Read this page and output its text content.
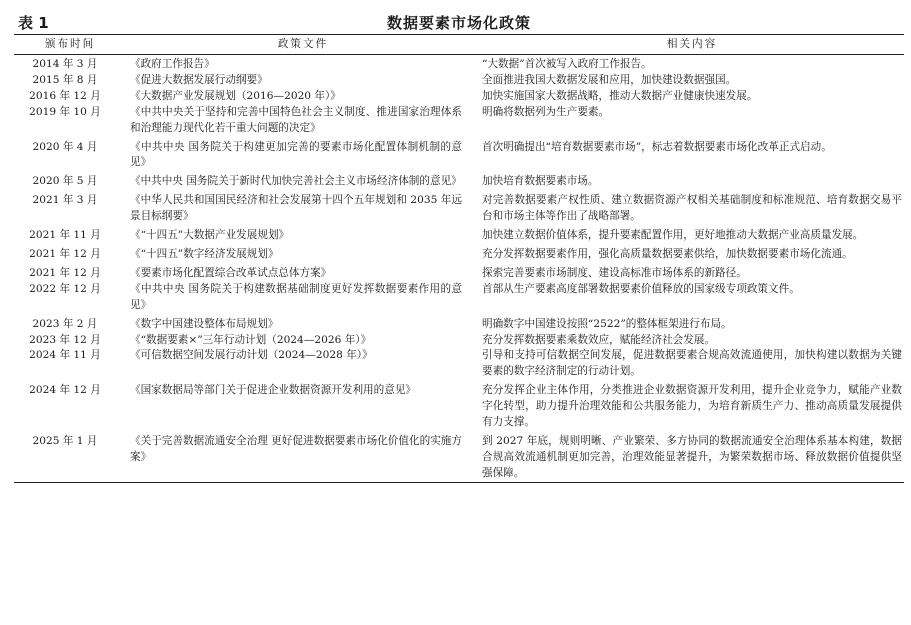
表 1	数据要素市场化政策
颁布时间	政策文件	相关内容
2014 年 3 月	《政府工作报告》	“大数据”首次被写入政府工作报告。
2015 年 8 月	《促进大数据发展行动纲要》	全面推进我国大数据发展和应用，加快建设数据强国。
2016 年 12 月	《大数据产业发展规划（2016—2020 年）》	加快实施国家大数据战略，推动大数据产业健康快速发展。
2019 年 10 月	《中共中央关于坚持和完善中国特色社会主义制度、推进国家治理体系和治理能力现代化若干重大问题的决定》	明确将数据列为生产要素。
2020 年 4 月	《中共中央 国务院关于构建更加完善的要素市场化配置体制机制的意见》	首次明确提出“培育数据要素市场”，标志着数据要素市场化改革正式启动。
2020 年 5 月	《中共中央 国务院关于新时代加快完善社会主义市场经济体制的意见》	加快培育数据要素市场。
2021 年 3 月	《中华人民共和国国民经济和社会发展第十四个五年规划和 2035 年远景目标纲要》	对完善数据要素产权性质、建立数据资源产权相关基础制度和标准规范、培育数据交易平台和市场主体等作出了战略部署。
2021 年 11 月	《“十四五”大数据产业发展规划》	加快建立数据价值体系，提升要素配置作用，更好地推动大数据产业高质量发展。
2021 年 12 月	《“十四五”数字经济发展规划》	充分发挥数据要素作用，强化高质量数据要素供给，加快数据要素市场化流通。
2021 年 12 月	《要素市场化配置综合改革试点总体方案》	探索完善要素市场制度、建设高标准市场体系的新路径。
2022 年 12 月	《中共中央 国务院关于构建数据基础制度更好发挥数据要素作用的意见》	首部从生产要素高度部署数据要素价值释放的国家级专项政策文件。
2023 年 2 月	《数字中国建设整体布局规划》	明确数字中国建设按照“2522”的整体框架进行布局。
2023 年 12 月	《“数据要素×”三年行动计划（2024—2026 年）》	充分发挥数据要素乘数效应，赋能经济社会发展。
2024 年 11 月	《可信数据空间发展行动计划（2024—2028 年）》	引导和支持可信数据空间发展，促进数据要素合规高效流通使用，加快构建以数据为关键要素的数字经济制定的行动计划。
2024 年 12 月	《国家数据局等部门关于促进企业数据资源开发利用的意见》	充分发挥企业主体作用，分类推进企业数据资源开发利用，提升企业竞争力，赋能产业数字化转型，助力提升治理效能和公共服务能力，为培育新质生产力、推动高质量发展提供有力支撑。
2025 年 1 月	《关于完善数据流通安全治理 更好促进数据要素市场化价值化的实施方案》	到 2027 年底，规则明晰、产业繁荣、多方协同的数据流通安全治理体系基本构建，数据合规高效流通机制更加完善，治理效能显著提升，为繁荣数据市场、释放数据价值提供坚强保障。
